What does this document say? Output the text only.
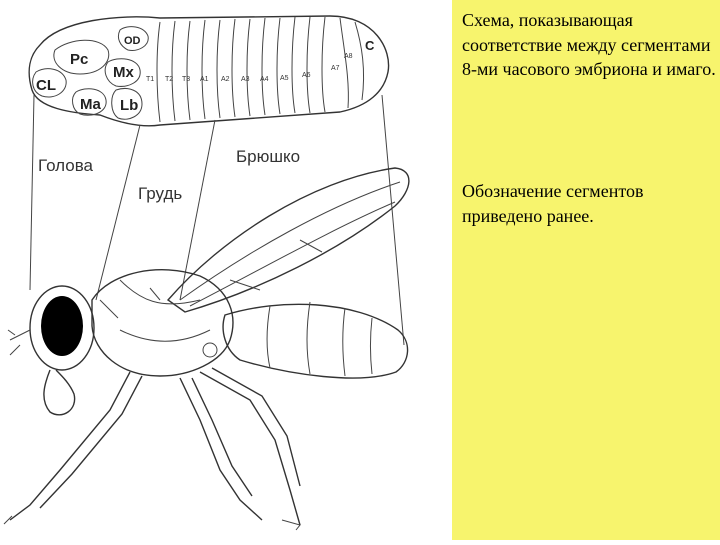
Pc
OD
Mx
CL
Ma Lb
C
T1 T2 T3 A1 A2 A3 A4 A5 A6
A7
A8
Голова
Грудь
Брюшко

Схема, показывающая соответствие между сегментами 8-ми часового эмбриона и имаго.

Обозначение сегментов приведено ранее.
